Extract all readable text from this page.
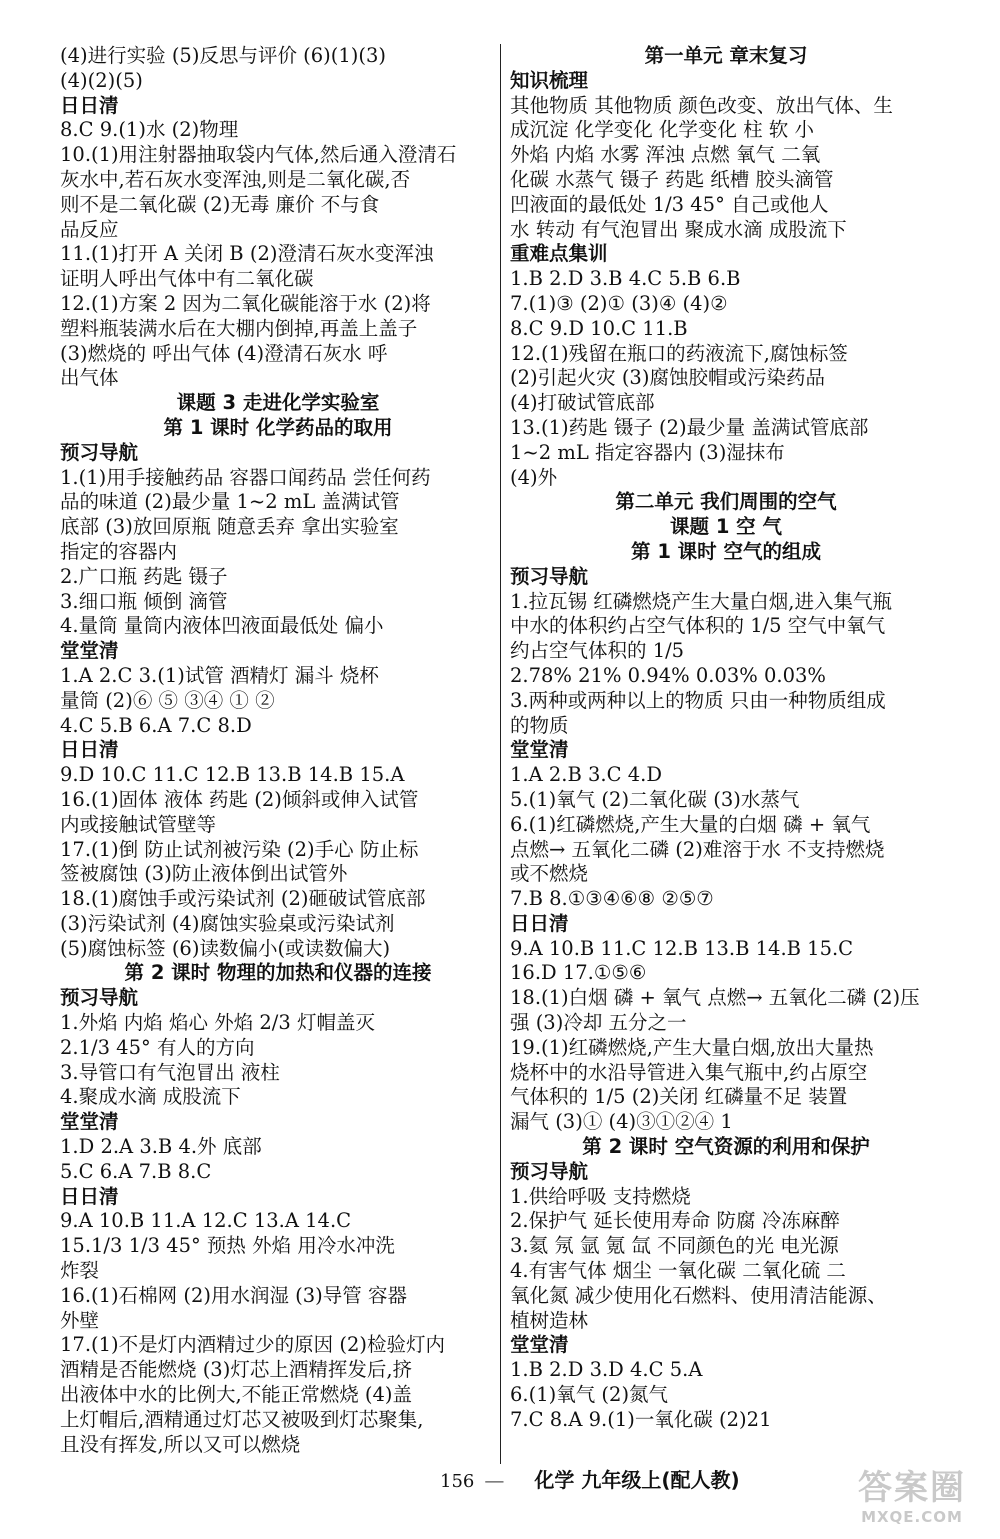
(4)进行实验 (5)反思与评价 (6)(1)(3)
(4)(2)(5)
日日清
8.C 9.(1)水 (2)物理
10.(1)用注射器抽取袋内气体,然后通入澄清石
灰水中,若石灰水变浑浊,则是二氧化碳,否
则不是二氧化碳 (2)无毒 廉价 不与食
品反应
11.(1)打开 A 关闭 B (2)澄清石灰水变浑浊
证明人呼出气体中有二氧化碳
12.(1)方案 2 因为二氧化碳能溶于水 (2)将
塑料瓶装满水后在大棚内倒掉,再盖上盖子
(3)燃烧的 呼出气体 (4)澄清石灰水 呼
出气体
课题 3 走进化学实验室
第 1 课时 化学药品的取用
预习导航
1.(1)用手接触药品 容器口闻药品 尝任何药
品的味道 (2)最少量 1~2 mL 盖满试管
底部 (3)放回原瓶 随意丢弃 拿出实验室
指定的容器内
2.广口瓶 药匙 镊子
3.细口瓶 倾倒 滴管
4.量筒 量筒内液体凹液面最低处 偏小
堂堂清
1.A 2.C 3.(1)试管 酒精灯 漏斗 烧杯
量筒 (2)⑥ ⑤ ③④ ① ②
4.C 5.B 6.A 7.C 8.D
日日清
9.D 10.C 11.C 12.B 13.B 14.B 15.A
16.(1)固体 液体 药匙 (2)倾斜或伸入试管
内或接触试管壁等
17.(1)倒 防止试剂被污染 (2)手心 防止标
签被腐蚀 (3)防止液体倒出试管外
18.(1)腐蚀手或污染试剂 (2)砸破试管底部
(3)污染试剂 (4)腐蚀实验桌或污染试剂
(5)腐蚀标签 (6)读数偏小(或读数偏大)
第 2 课时 物理的加热和仪器的连接
预习导航
1.外焰 内焰 焰心 外焰 2/3 灯帽盖灭
2.1/3 45° 有人的方向
3.导管口有气泡冒出 液柱
4.聚成水滴 成股流下
堂堂清
1.D 2.A 3.B 4.外 底部
5.C 6.A 7.B 8.C
日日清
9.A 10.B 11.A 12.C 13.A 14.C
15.1/3 1/3 45° 预热 外焰 用冷水冲洗
炸裂
16.(1)石棉网 (2)用水润湿 (3)导管 容器
外壁
17.(1)不是灯内酒精过少的原因 (2)检验灯内
酒精是否能燃烧 (3)灯芯上酒精挥发后,挤
出液体中水的比例大,不能正常燃烧 (4)盖
上灯帽后,酒精通过灯芯又被吸到灯芯聚集,
且没有挥发,所以又可以燃烧
第一单元 章末复习
知识梳理
其他物质 其他物质 颜色改变、放出气体、生
成沉淀 化学变化 化学变化 柱 软 小
外焰 内焰 水雾 浑浊 点燃 氧气 二氧
化碳 水蒸气 镊子 药匙 纸槽 胶头滴管
凹液面的最低处 1/3 45° 自己或他人
水 转动 有气泡冒出 聚成水滴 成股流下
重难点集训
1.B 2.D 3.B 4.C 5.B 6.B
7.(1)③ (2)① (3)④ (4)②
8.C 9.D 10.C 11.B
12.(1)残留在瓶口的药液流下,腐蚀标签
(2)引起火灾 (3)腐蚀胶帽或污染药品
(4)打破试管底部
13.(1)药匙 镊子 (2)最少量 盖满试管底部
1~2 mL 指定容器内 (3)湿抹布
(4)外
第二单元 我们周围的空气
课题 1 空 气
第 1 课时 空气的组成
预习导航
1.拉瓦锡 红磷燃烧产生大量白烟,进入集气瓶
中水的体积约占空气体积的 1/5 空气中氧气
约占空气体积的 1/5
2.78% 21% 0.94% 0.03% 0.03%
3.两种或两种以上的物质 只由一种物质组成
的物质
堂堂清
1.A 2.B 3.C 4.D
5.(1)氧气 (2)二氧化碳 (3)水蒸气
6.(1)红磷燃烧,产生大量的白烟 磷 + 氧气
点燃→ 五氧化二磷 (2)难溶于水 不支持燃烧
或不燃烧
7.B 8.①③④⑥⑧ ②⑤⑦
日日清
9.A 10.B 11.C 12.B 13.B 14.B 15.C
16.D 17.①⑤⑥
18.(1)白烟 磷 + 氧气 点燃→ 五氧化二磷 (2)压
强 (3)冷却 五分之一
19.(1)红磷燃烧,产生大量白烟,放出大量热
烧杯中的水沿导管进入集气瓶中,约占原空
气体积的 1/5 (2)关闭 红磷量不足 装置
漏气 (3)① (4)③①②④ 1
第 2 课时 空气资源的利用和保护
预习导航
1.供给呼吸 支持燃烧
2.保护气 延长使用寿命 防腐 冷冻麻醉
3.氦 氖 氩 氪 氙 不同颜色的光 电光源
4.有害气体 烟尘 一氧化碳 二氧化硫 二
氧化氮 减少使用化石燃料、使用清洁能源、
植树造林
堂堂清
1.B 2.D 3.D 4.C 5.A
6.(1)氧气 (2)氮气
7.C 8.A 9.(1)一氧化碳 (2)21
156 — 化学 九年级上(配人教)	答案圈
MXQE.COM
